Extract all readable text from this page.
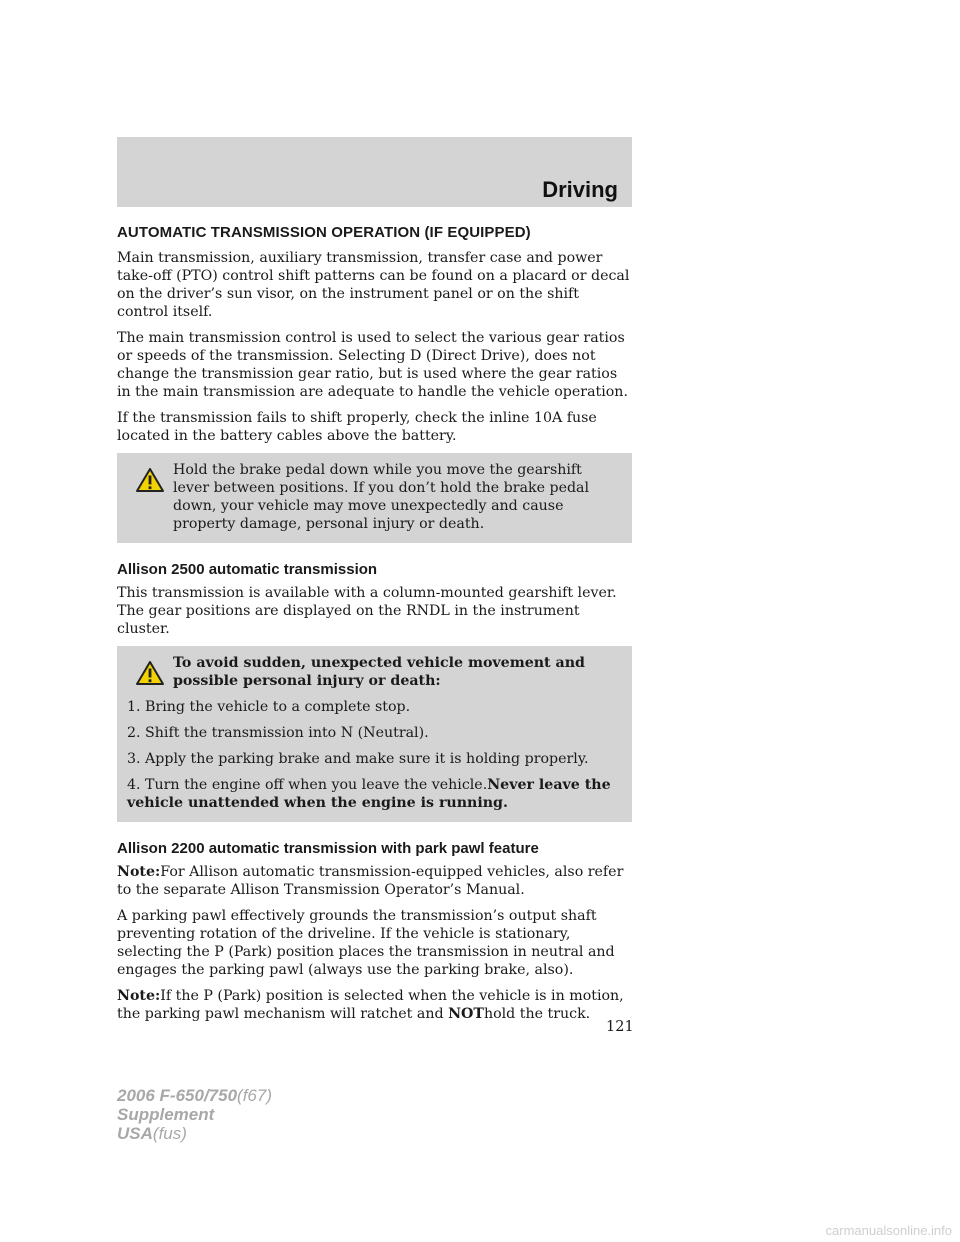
Driving
AUTOMATIC TRANSMISSION OPERATION (IF EQUIPPED)

Main transmission, auxiliary transmission, transfer case and power take-off (PTO) control shift patterns can be found on a placard or decal on the driver’s sun visor, on the instrument panel or on the shift control itself.

The main transmission control is used to select the various gear ratios or speeds of the transmission. Selecting D (Direct Drive), does not change the transmission gear ratio, but is used where the gear ratios in the main transmission are adequate to handle the vehicle operation.

If the transmission fails to shift properly, check the inline 10A fuse located in the battery cables above the battery.

Hold the brake pedal down while you move the gearshift lever between positions. If you don’t hold the brake pedal down, your vehicle may move unexpectedly and cause property damage, personal injury or death.

Allison 2500 automatic transmission

This transmission is available with a column-mounted gearshift lever. The gear positions are displayed on the RNDL in the instrument cluster.

To avoid sudden, unexpected vehicle movement and possible personal injury or death:

1. Bring the vehicle to a complete stop.

2. Shift the transmission into N (Neutral).

3. Apply the parking brake and make sure it is holding properly.

4. Turn the engine off when you leave the vehicle.Never leave the vehicle unattended when the engine is running.

Allison 2200 automatic transmission with park pawl feature

Note:For Allison automatic transmission-equipped vehicles, also refer to the separate Allison Transmission Operator’s Manual.

A parking pawl effectively grounds the transmission’s output shaft preventing rotation of the driveline. If the vehicle is stationary, selecting the P (Park) position places the transmission in neutral and engages the parking pawl (always use the parking brake, also).

Note:If the P (Park) position is selected when the vehicle is in motion, the parking pawl mechanism will ratchet and NOThold the truck.

121
2006 F-650/750(f67)
Supplement
USA(fus)
carmanualsonline.info
